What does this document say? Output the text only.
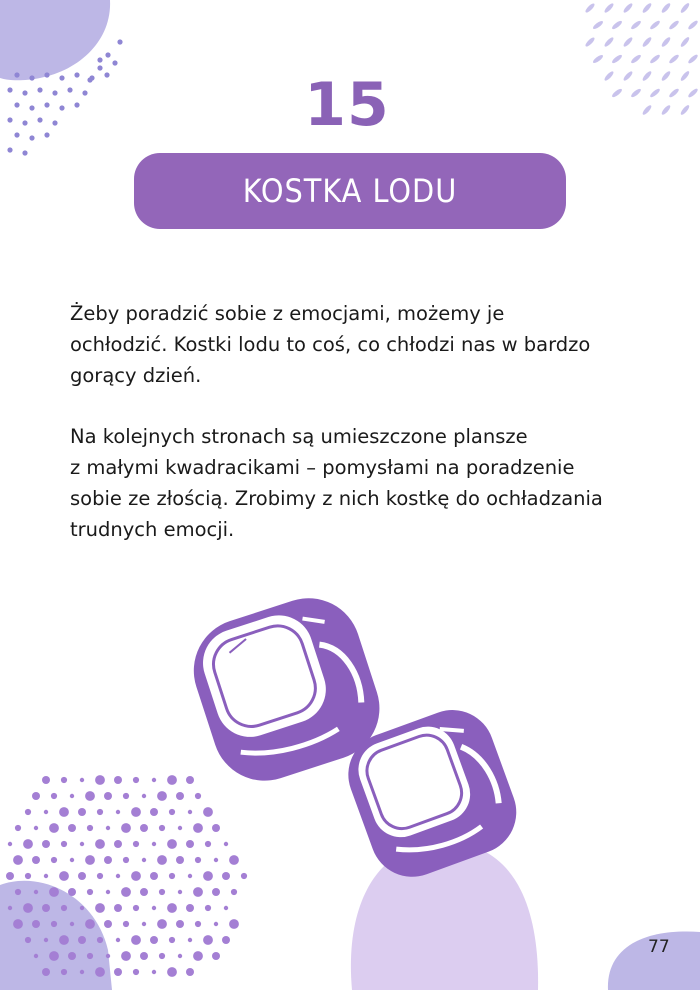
15
KOSTKA LODU

Żeby poradzić sobie z emocjami, możemy je
ochłodzić. Kostki lodu to coś, co chłodzi nas w bardzo
gorący dzień.

Na kolejnych stronach są umieszczone plansze
z małymi kwadracikami – pomysłami na poradzenie
sobie ze złością. Zrobimy z nich kostkę do ochładzania
trudnych emocji.

77
